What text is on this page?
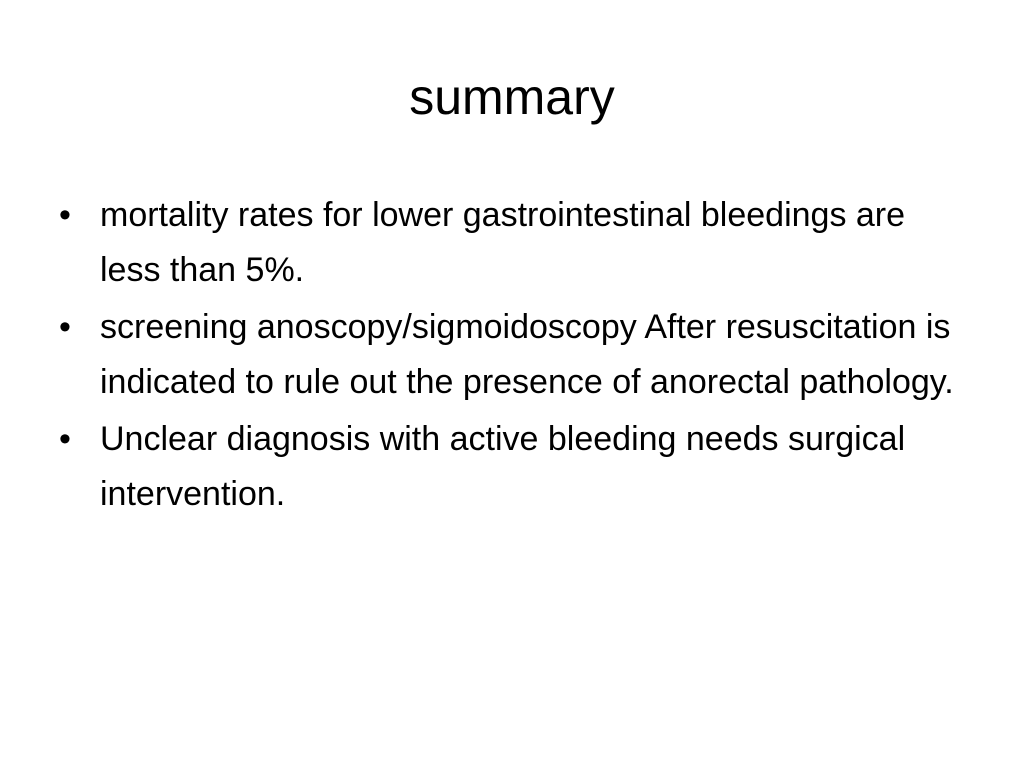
summary
• mortality rates for lower gastrointestinal bleedings are less than 5%.
• screening anoscopy/sigmoidoscopy After resuscitation is indicated to rule out the presence of anorectal pathology.
• Unclear diagnosis with active bleeding needs surgical intervention.
